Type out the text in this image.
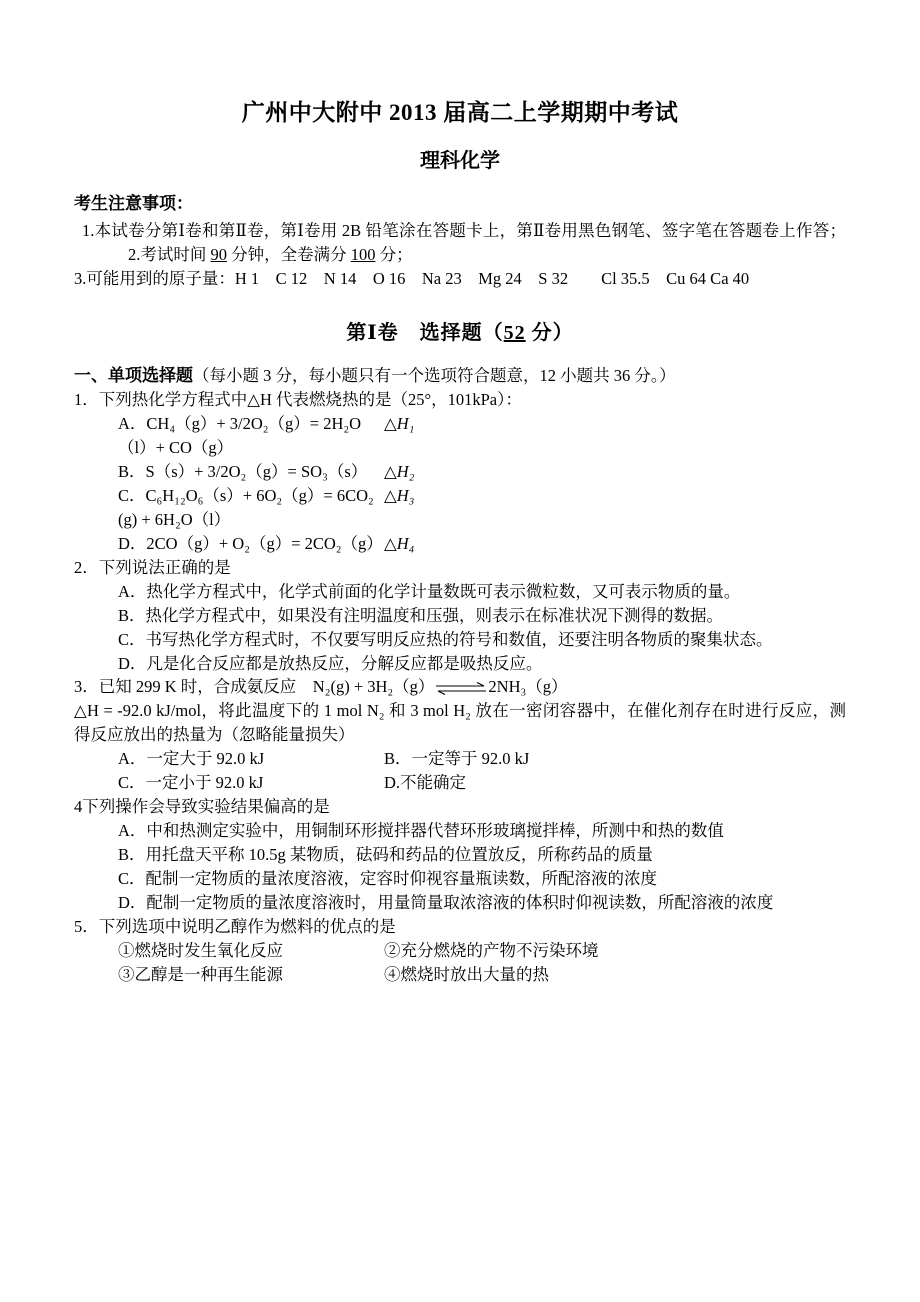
广州中大附中 2013 届高二上学期期中考试
理科化学
考生注意事项：

1.本试卷分第Ⅰ卷和第Ⅱ卷，第Ⅰ卷用 2B 铅笔涂在答题卡上，第Ⅱ卷用黑色钢笔、签字笔在答题卷上作答；2.考试时间 90 分钟，全卷满分 100 分；

3.可能用到的原子量：H 1　C 12　N 14　O 16　Na 23　Mg 24　S 32　　Cl 35.5　Cu 64 Ca 40

第Ⅰ卷　选择题（52 分）

一、单项选择题（每小题 3 分，每小题只有一个选项符合题意，12 小题共 36 分。）

1．下列热化学方程式中△H 代表燃烧热的是（25°，101kPa）：

A．CH₄（g）+ 3/2O₂（g）= 2H₂O（l）+ CO（g）
△H₁

B．S（s）+ 3/2O₂（g）= SO₃（s）	△H₂

C．C₆H₁₂O₆（s）+ 6O₂（g）= 6CO₂ (g) + 6H₂O（l）
△H₃

D．2CO（g）+ O₂（g）= 2CO₂（g） △H₄

2．下列说法正确的是

A．热化学方程式中，化学式前面的化学计量数既可表示微粒数，又可表示物质的量。

B．热化学方程式中，如果没有注明温度和压强，则表示在标准状况下测得的数据。

C．书写热化学方程式时，不仅要写明反应热的符号和数值，还要注明各物质的聚集状态。

D．凡是化合反应都是放热反应，分解反应都是吸热反应。

3．已知 299 K 时，合成氨反应　N₂(g) + 3H₂（g）⇌2NH₃（g）

△H = -92.0 kJ/mol，将此温度下的 1 mol N₂ 和 3 mol H₂ 放在一密闭容器中，在催化剂存在时进行反应，测得反应放出的热量为（忽略能量损失）

A．一定大于 92.0 kJ	B．一定等于 92.0 kJ

C．一定小于 92.0 kJ	D.不能确定

4下列操作会导致实验结果偏高的是

A．中和热测定实验中，用铜制环形搅拌器代替环形玻璃搅拌棒，所测中和热的数值

B．用托盘天平称 10.5g 某物质，砝码和药品的位置放反，所称药品的质量

C．配制一定物质的量浓度溶液，定容时仰视容量瓶读数，所配溶液的浓度

D．配制一定物质的量浓度溶液时，用量筒量取浓溶液的体积时仰视读数，所配溶液的浓度

5．下列选项中说明乙醇作为燃料的优点的是

①燃烧时发生氧化反应	②充分燃烧的产物不污染环境

③乙醇是一种再生能源	④燃烧时放出大量的热
